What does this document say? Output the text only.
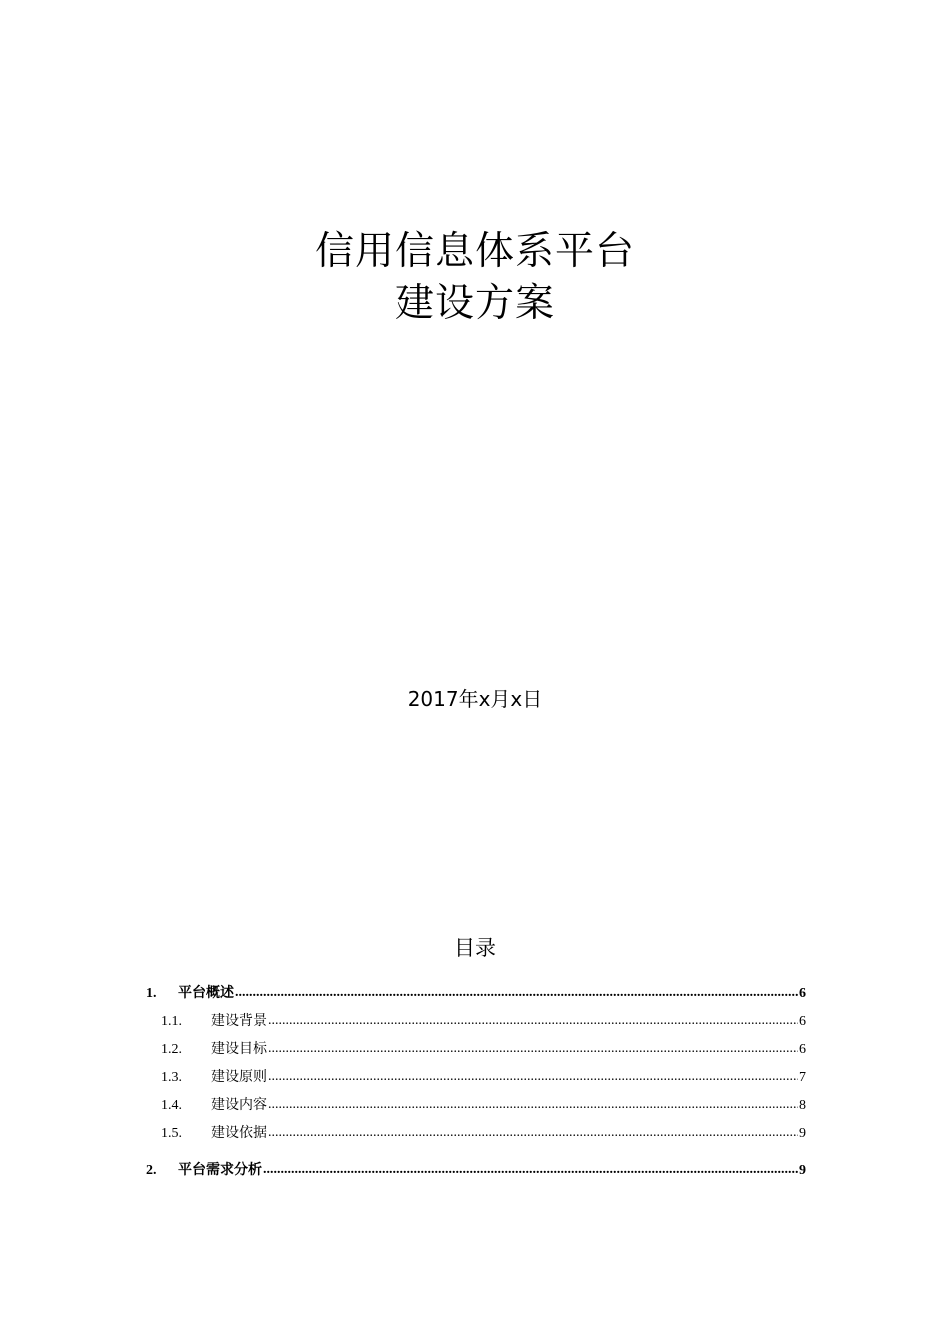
信用信息体系平台
建设方案
2017年x月x日
目录
1.	平台概述 .....	6
1.1.	建设背景 .....	6
1.2.	建设目标 .....	6
1.3.	建设原则 .....	7
1.4.	建设内容 .....	8
1.5.	建设依据 .....	9
2.	平台需求分析 .....	9
